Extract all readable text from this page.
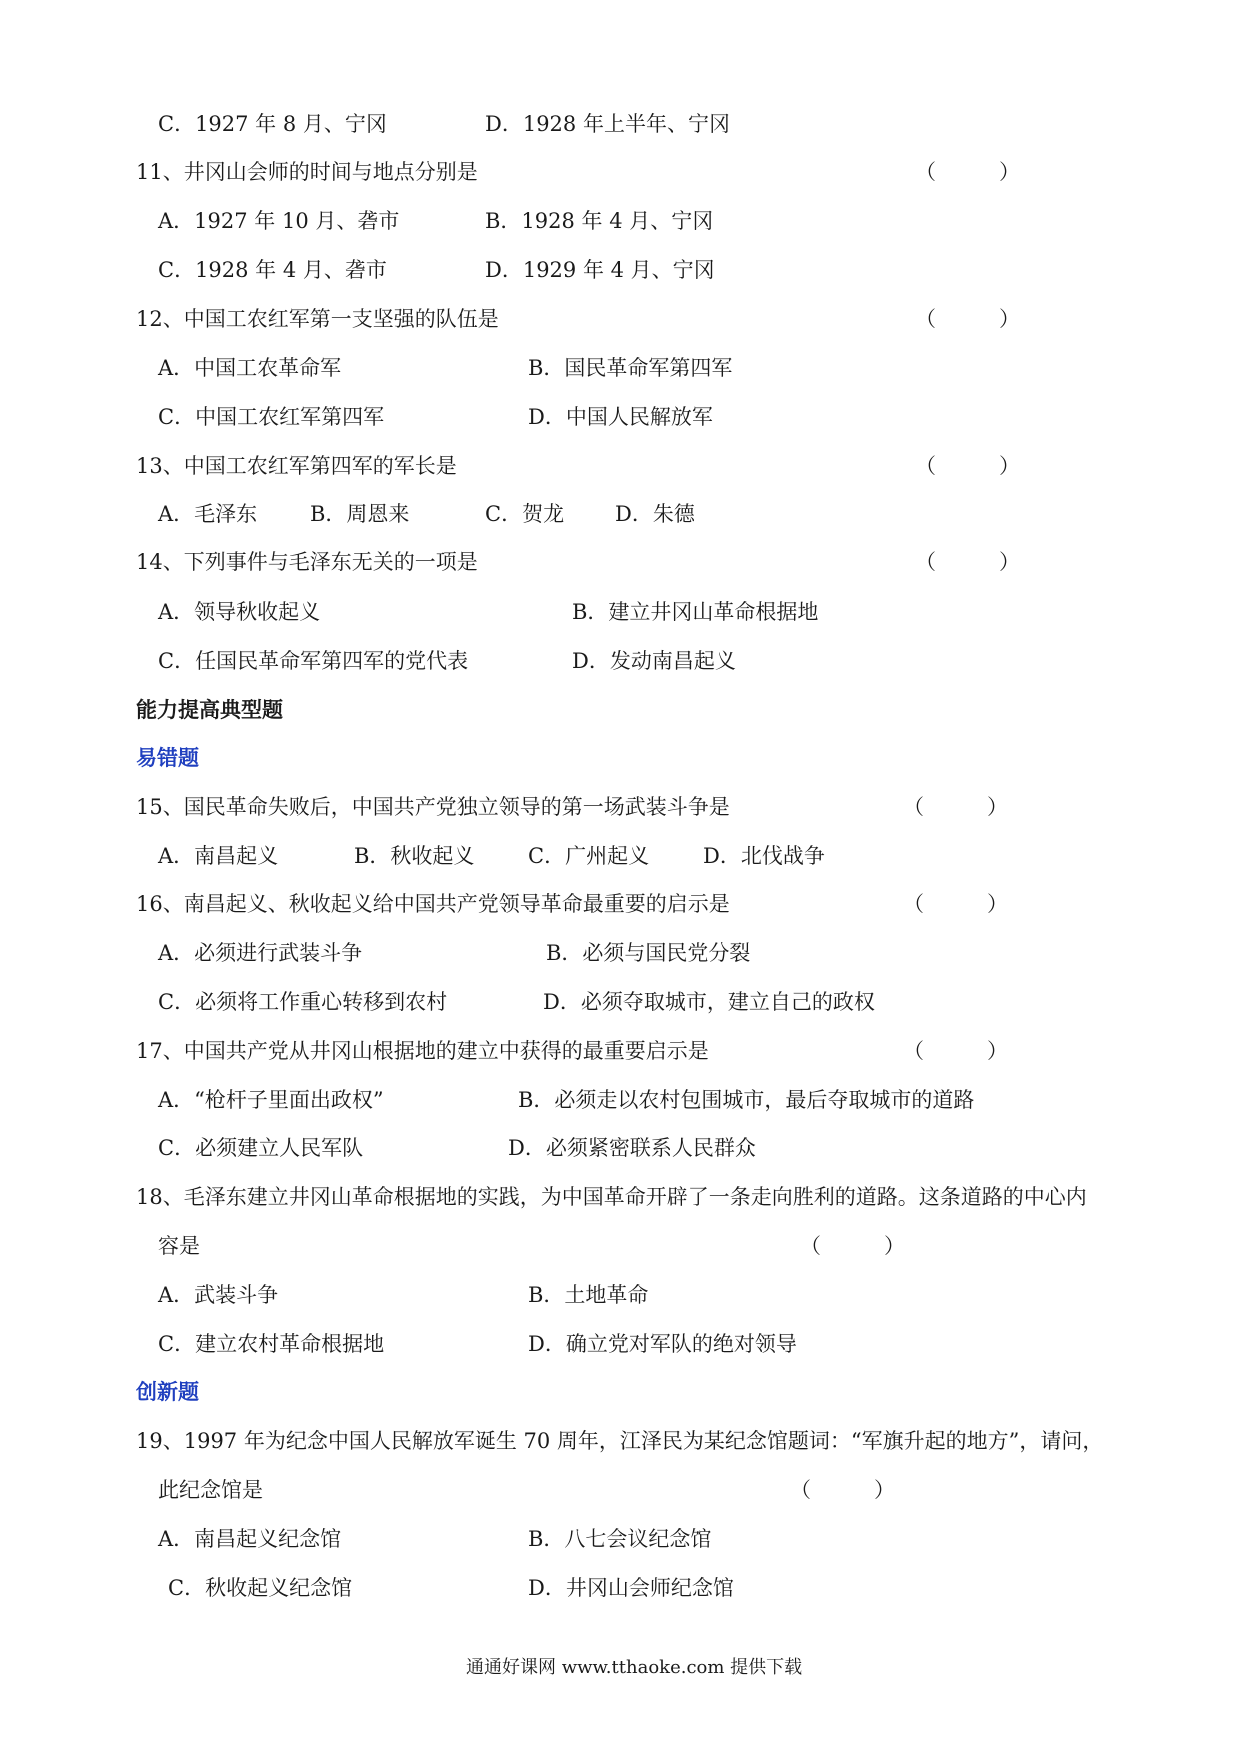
C．1927 年 8 月、宁冈	D．1928 年上半年、宁冈
11、井冈山会师的时间与地点分别是	（　　　）
A．1927 年 10 月、砻市	B．1928 年 4 月、宁冈
C．1928 年 4 月、砻市	D．1929 年 4 月、宁冈
12、中国工农红军第一支坚强的队伍是	（　　　）
A．中国工农革命军	B．国民革命军第四军
C．中国工农红军第四军	D．中国人民解放军
13、中国工农红军第四军的军长是	（　　　）
A．毛泽东	B．周恩来	C．贺龙 D．朱德
14、下列事件与毛泽东无关的一项是	（　　　）
A．领导秋收起义	B．建立井冈山革命根据地
C．任国民革命军第四军的党代表	D．发动南昌起义
能力提高典型题
易错题
15、国民革命失败后，中国共产党独立领导的第一场武装斗争是	（　　　）
A．南昌起义	B．秋收起义	C．广州起义	D．北伐战争
16、南昌起义、秋收起义给中国共产党领导革命最重要的启示是	（　　　）
A．必须进行武装斗争	B．必须与国民党分裂
C．必须将工作重心转移到农村	D．必须夺取城市，建立自己的政权
17、中国共产党从井冈山根据地的建立中获得的最重要启示是	（　　　）
A．“枪杆子里面出政权”	B．必须走以农村包围城市，最后夺取城市的道路
C．必须建立人民军队	D．必须紧密联系人民群众
18、毛泽东建立井冈山革命根据地的实践，为中国革命开辟了一条走向胜利的道路。这条道路的中心内
容是	（　　　）
A．武装斗争	B．土地革命
C．建立农村革命根据地	D．确立党对军队的绝对领导
创新题
19、1997 年为纪念中国人民解放军诞生 70 周年，江泽民为某纪念馆题词：“军旗升起的地方”，请问，
此纪念馆是	（　　　）
A．南昌起义纪念馆	B．八七会议纪念馆
C．秋收起义纪念馆	D．井冈山会师纪念馆
通通好课网 www.tthaoke.com 提供下载
